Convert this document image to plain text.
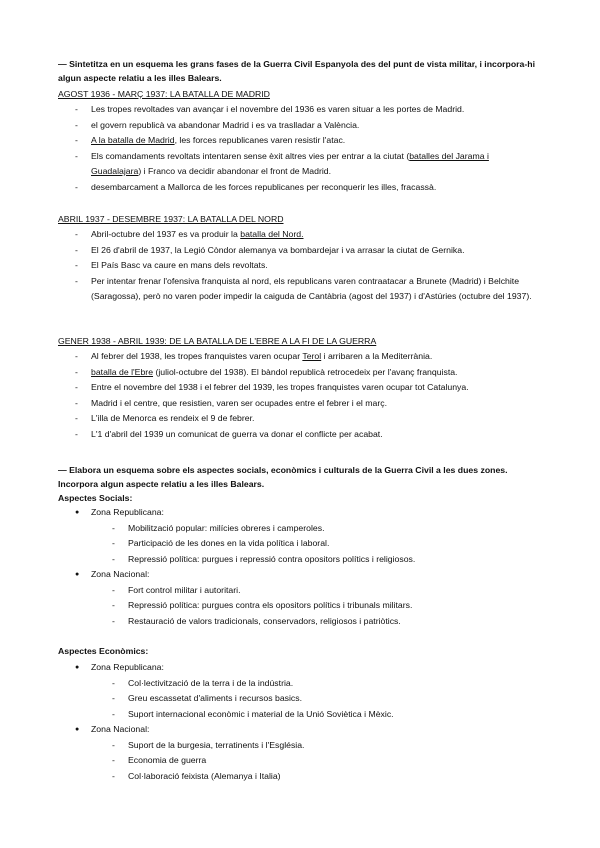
— Sintetitza en un esquema les grans fases de la Guerra Civil Espanyola des del punt de vista militar, i incorpora-hi algun aspecte relatiu a les illes Balears.
AGOST 1936 - MARÇ 1937: LA BATALLA DE MADRID
- Les tropes revoltades van avançar i el novembre del 1936 es varen situar a les portes de Madrid.
- el govern republicà va abandonar Madrid i es va traslladar a València.
- A la batalla de Madrid, les forces republicanes varen resistir l'atac.
- Els comandaments revoltats intentaren sense èxit altres vies per entrar a la ciutat (batalles del Jarama i Guadalajara) i Franco va decidir abandonar el front de Madrid.
- desembarcament a Mallorca de les forces republicanes per reconquerir les illes, fracassà.
ABRIL 1937 - DESEMBRE 1937: LA BATALLA DEL NORD
- Abril-octubre del 1937 es va produir la batalla del Nord.
- El 26 d'abril de 1937, la Legió Còndor alemanya va bombardejar i va arrasar la ciutat de Gernika.
- El País Basc va caure en mans dels revoltats.
- Per intentar frenar l'ofensiva franquista al nord, els republicans varen contraatacar a Brunete (Madrid) i Belchite (Saragossa), però no varen poder impedir la caiguda de Cantàbria (agost del 1937) i d'Astúries (octubre del 1937).
GENER 1938 - ABRIL 1939: DE LA BATALLA DE L'EBRE A LA FI DE LA GUERRA
- Al febrer del 1938, les tropes franquistes varen ocupar Terol i arribaren a la Mediterrània.
- batalla de l'Ebre (juliol-octubre del 1938). El bàndol republicà retrocedeix per l'avanç franquista.
- Entre el novembre del 1938 i el febrer del 1939, les tropes franquistes varen ocupar tot Catalunya.
- Madrid i el centre, que resistien, varen ser ocupades entre el febrer i el març.
- L'illa de Menorca es rendeix el 9 de febrer.
- L'1 d'abril del 1939 un comunicat de guerra va donar el conflicte per acabat.
— Elabora un esquema sobre els aspectes socials, econòmics i culturals de la Guerra Civil a les dues zones. Incorpora algun aspecte relatiu a les illes Balears.
Aspectes Socials:
● Zona Republicana:
- Mobilització popular: milícies obreres i camperoles.
- Participació de les dones en la vida política i laboral.
- Repressió política: purgues i repressió contra opositors polítics i religiosos.
● Zona Nacional:
- Fort control militar i autoritari.
- Repressió política: purgues contra els opositors polítics i tribunals militars.
- Restauració de valors tradicionals, conservadors, religiosos i patriòtics.
Aspectes Econòmics:
● Zona Republicana:
- Col·lectivització de la terra i de la indústria.
- Greu escassetat d'aliments i recursos basics.
- Suport internacional econòmic i material de la Unió Soviètica i Mèxic.
● Zona Nacional:
- Suport de la burgesia, terratinents i l'Església.
- Economia de guerra
- Col·laboració feixista (Alemanya i Italia)
